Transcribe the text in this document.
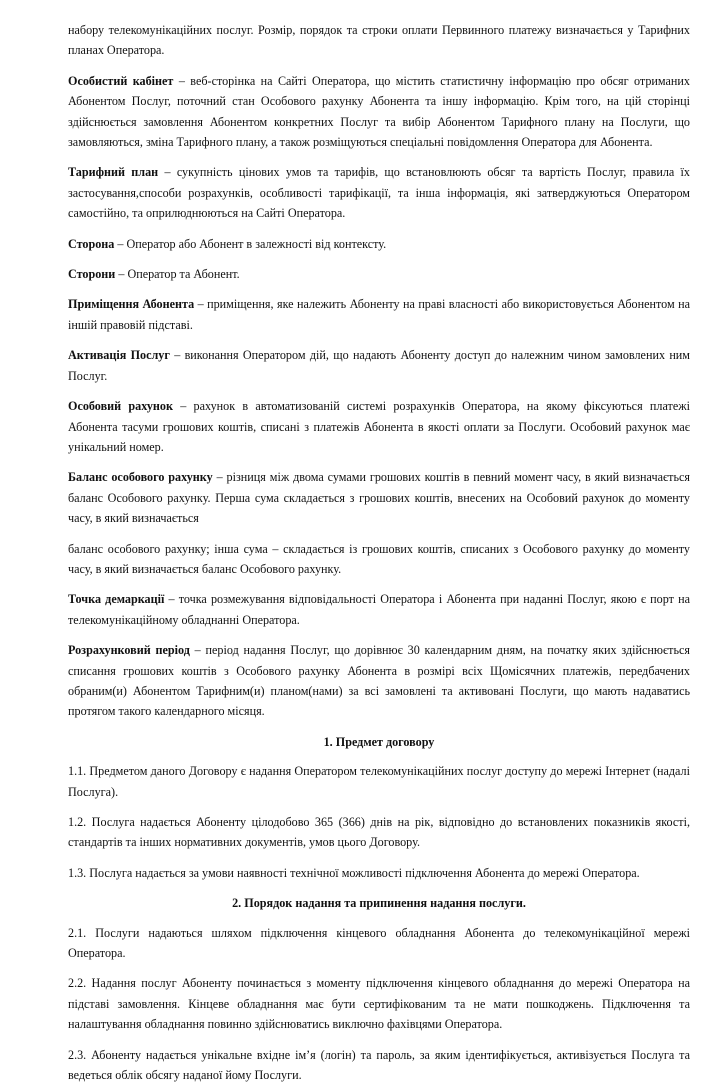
набору телекомунікаційних послуг. Розмір, порядок та строки оплати Первинного платежу визначається у Тарифних планах Оператора.

Особистий кабінет – веб-сторінка на Сайті Оператора, що містить статистичну інформацію про обсяг отриманих Абонентом Послуг, поточний стан Особового рахунку Абонента та іншу інформацію. Крім того, на цій сторінці здійснюється замовлення Абонентом конкретних Послуг та вибір Абонентом Тарифного плану на Послуги, що замовляються, зміна Тарифного плану, а також розміщуються спеціальні повідомлення Оператора для Абонента.

Тарифний план – сукупність цінових умов та тарифів, що встановлюють обсяг та вартість Послуг, правила їх застосування,способи розрахунків, особливості тарифікації, та інша інформація, які затверджуються Оператором самостійно, та оприлюднюються на Сайті Оператора.

Сторона – Оператор або Абонент в залежності від контексту.

Сторони – Оператор та Абонент.

Приміщення Абонента – приміщення, яке належить Абоненту на праві власності або використовується Абонентом на іншій правовій підставі.

Активація Послуг – виконання Оператором дій, що надають Абоненту доступ до належним чином замовлених ним Послуг.

Особовий рахунок – рахунок в автоматизованій системі розрахунків Оператора, на якому фіксуються платежі Абонента тасуми грошових коштів, списані з платежів Абонента в якості оплати за Послуги. Особовий рахунок має унікальний номер.

Баланс особового рахунку – різниця між двома сумами грошових коштів в певний момент часу, в який визначається баланс Особового рахунку. Перша сума складається з грошових коштів, внесених на Особовий рахунок до моменту часу, в який визначається

баланс особового рахунку; інша сума – складається із грошових коштів, списаних з Особового рахунку до моменту часу, в який визначається баланс Особового рахунку.

Точка демаркації – точка розмежування відповідальності Оператора і Абонента при наданні Послуг, якою є порт на телекомунікаційному обладнанні Оператора.

Розрахунковий період – період надання Послуг, що дорівнює 30 календарним дням, на початку яких здійснюється списання грошових коштів з Особового рахунку Абонента в розмірі всіх Щомісячних платежів, передбачених обраним(и) Абонентом Тарифним(и) планом(нами) за всі замовлені та активовані Послуги, що мають надаватись протягом такого календарного місяця.

1. Предмет договору

1.1. Предметом даного Договору є надання Оператором телекомунікаційних послуг доступу до мережі Інтернет (надалі Послуга).

1.2. Послуга надається Абоненту цілодобово 365 (366) днів на рік, відповідно до встановлених показників якості, стандартів та інших нормативних документів, умов цього Договору.

1.3. Послуга надається за умови наявності технічної можливості підключення Абонента до мережі Оператора.

2. Порядок надання та припинення надання послуги.

2.1. Послуги надаються шляхом підключення кінцевого обладнання Абонента до телекомунікаційної мережі Оператора.

2.2. Надання послуг Абоненту починається з моменту підключення кінцевого обладнання до мережі Оператора на підставі замовлення. Кінцеве обладнання має бути сертифікованим та не мати пошкоджень. Підключення та налаштування обладнання повинно здійснюватись виключно фахівцями Оператора.

2.3. Абоненту надається унікальне вхідне ім’я (логін) та пароль, за яким ідентифікується, активізується Послуга та ведеться облік обсягу наданої йому Послуги.
